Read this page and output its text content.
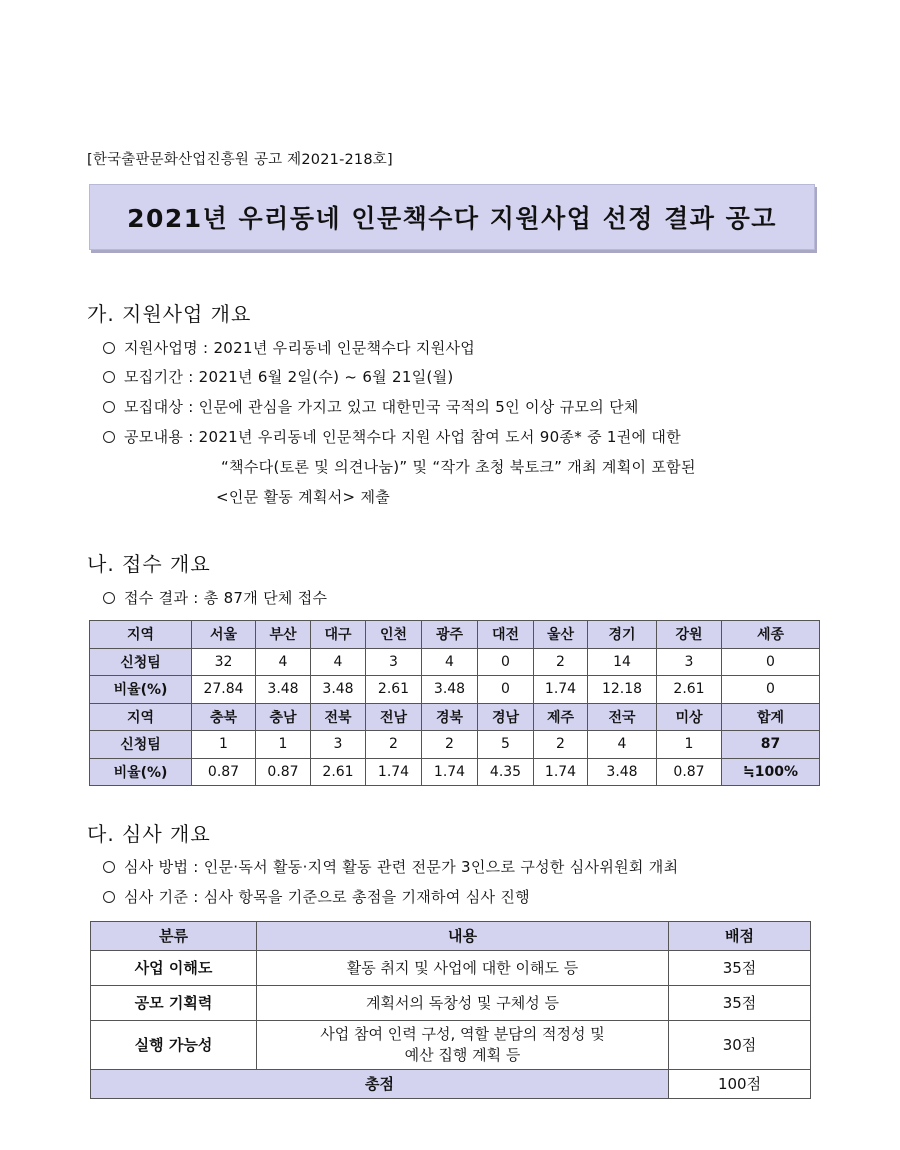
[한국출판문화산업진흥원 공고 제2021-218호]
2021년 우리동네 인문책수다 지원사업 선정 결과 공고
가. 지원사업 개요
지원사업명 : 2021년 우리동네 인문책수다 지원사업
모집기간 : 2021년 6월 2일(수) ~ 6월 21일(월)
모집대상 : 인문에 관심을 가지고 있고 대한민국 국적의 5인 이상 규모의 단체
공모내용 : 2021년 우리동네 인문책수다 지원 사업 참여 도서 90종* 중 1권에 대한
“책수다(토론 및 의견나눔)” 및 “작가 초청 북토크” 개최 계획이 포함된
<인문 활동 계획서> 제출
나. 접수 개요
접수 결과 : 총 87개 단체 접수
지역	서울	부산	대구	인천	광주	대전	울산	경기	강원	세종
신청팀	32	4	4	3	4	0	2	14	3	0
비율(%)	27.84	3.48	3.48	2.61	3.48	0	1.74	12.18	2.61	0
지역	충북	충남	전북	전남	경북	경남	제주	전국	미상	합계
신청팀	1	1	3	2	2	5	2	4	1	87
비율(%)	0.87	0.87	2.61	1.74	1.74	4.35	1.74	3.48	0.87	≒100%
다. 심사 개요
심사 방법 : 인문·독서 활동·지역 활동 관련 전문가 3인으로 구성한 심사위원회 개최
심사 기준 : 심사 항목을 기준으로 총점을 기재하여 심사 진행
분류	내용	배점
사업 이해도	활동 취지 및 사업에 대한 이해도 등	35점
공모 기획력	계획서의 독창성 및 구체성 등	35점
실행 가능성	사업 참여 인력 구성, 역할 분담의 적정성 및
예산 집행 계획 등	30점
총점		100점
